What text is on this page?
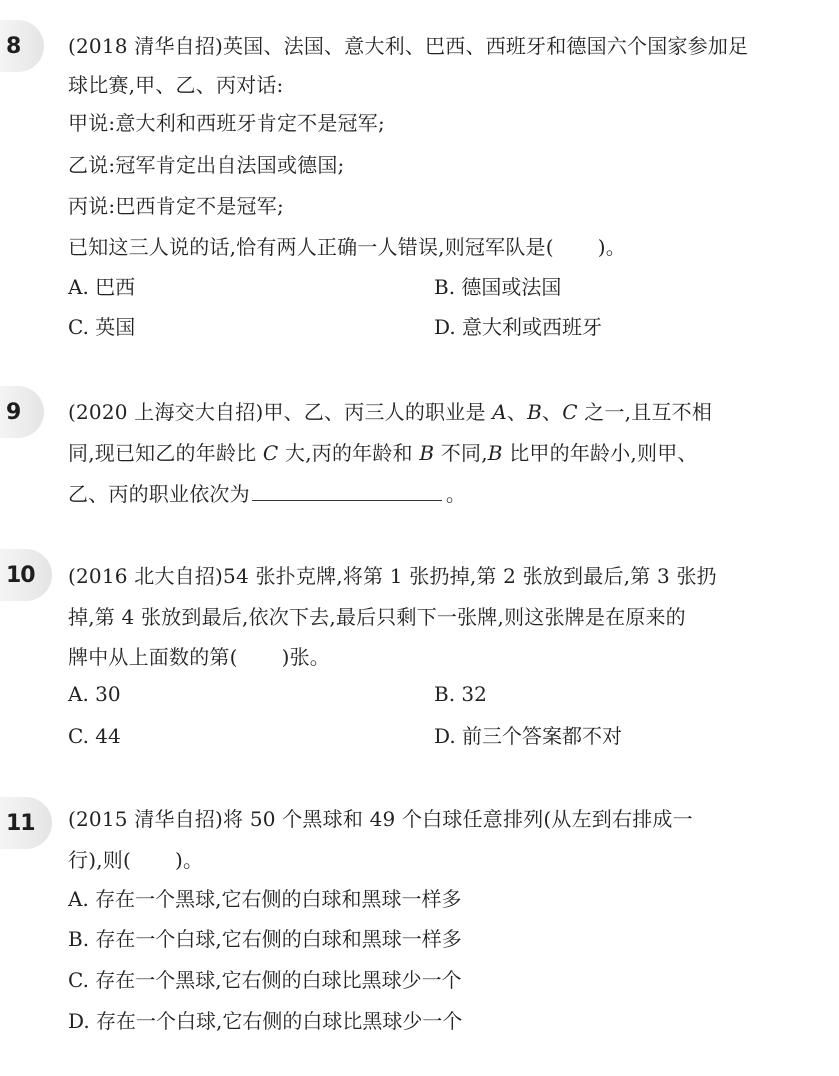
8 (2018 清华自招)英国、法国、意大利、巴西、西班牙和德国六个国家参加足
球比赛,甲、乙、丙对话:
甲说:意大利和西班牙肯定不是冠军;
乙说:冠军肯定出自法国或德国;
丙说:巴西肯定不是冠军;
已知这三人说的话,恰有两人正确一人错误,则冠军队是( )。
A. 巴西	B. 德国或法国
C. 英国	D. 意大利或西班牙
9 (2020 上海交大自招)甲、乙、丙三人的职业是 A、B、C 之一,且互不相
同,现已知乙的年龄比 C 大,丙的年龄和 B 不同,B 比甲的年龄小,则甲、
乙、丙的职业依次为	。
10 (2016 北大自招)54 张扑克牌,将第 1 张扔掉,第 2 张放到最后,第 3 张扔
掉,第 4 张放到最后,依次下去,最后只剩下一张牌,则这张牌是在原来的
牌中从上面数的第( )张。
A. 30	B. 32
C. 44	D. 前三个答案都不对
11 (2015 清华自招)将 50 个黑球和 49 个白球任意排列(从左到右排成一
行),则( )。
A. 存在一个黑球,它右侧的白球和黑球一样多
B. 存在一个白球,它右侧的白球和黑球一样多
C. 存在一个黑球,它右侧的白球比黑球少一个
D. 存在一个白球,它右侧的白球比黑球少一个
